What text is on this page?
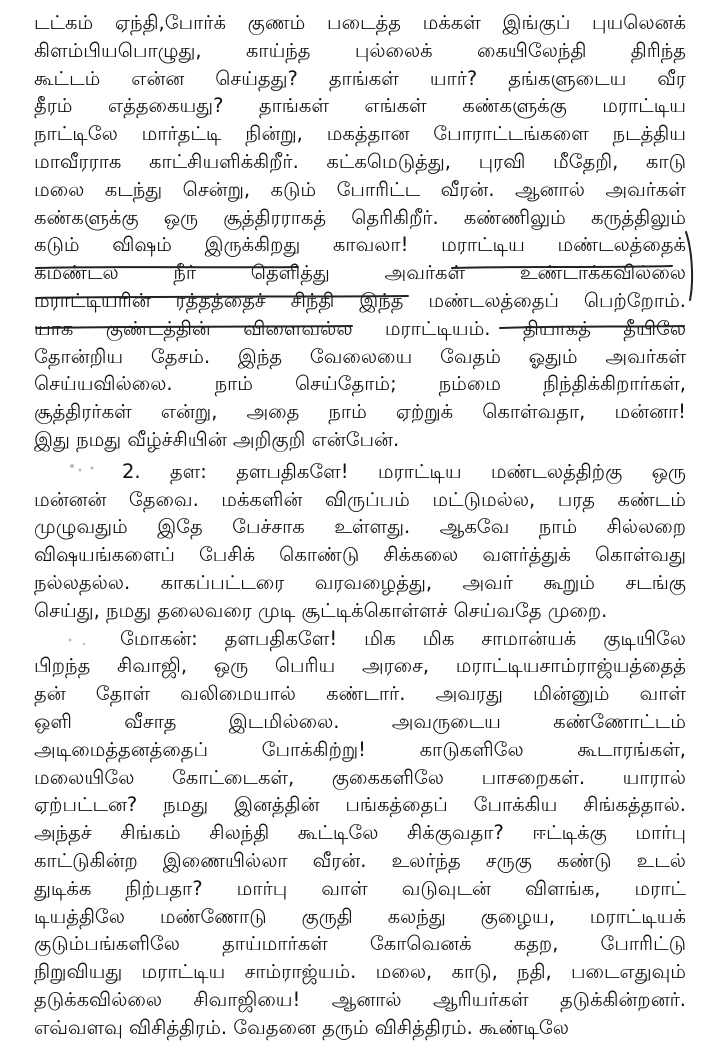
டட்கம் ஏந்தி,போர்க் குணம் படைத்த மக்கள் இங்குப் புயலெனக்
கிளம்பியபொழுது, காய்ந்த புல்லைக் கையிலேந்தி திரிந்த
கூட்டம் என்ன செய்தது? தாங்கள் யார்? தங்களுடைய வீர
தீரம் எத்தகையது? தாங்கள் எங்கள் கண்களுக்கு மராட்டிய
நாட்டிலே மார்தட்டி நின்று, மகத்தான போராட்டங்களை நடத்திய
மாவீரராக காட்சியளிக்கிறீர். கட்கமெடுத்து, புரவி மீதேறி, காடு
மலை கடந்து சென்று, கடும் போரிட்ட வீரன். ஆனால் அவர்கள்
கண்களுக்கு ஒரு சூத்திரராகத் தெரிகிறீர். கண்ணிலும் கருத்திலும்
கடும் விஷம் இருக்கிறது காவலா! மராட்டிய மண்டலத்தைக்
கமண்டல நீர் தெளித்து அவர்கள் உண்டாக்கவில்லை
மராட்டியரின் ரத்தத்தைச் சிந்தி இந்த மண்டலத்தைப் பெற்றோம்.
யாக குண்டத்தின் விளைவல்ல மராட்டியம். தியாகத் தீயிலே
தோன்றிய தேசம். இந்த வேலையை வேதம் ஓதும் அவர்கள்
செய்யவில்லை. நாம் செய்தோம்; நம்மை நிந்திக்கிறார்கள்,
சூத்திரர்கள் என்று, அதை நாம் ஏற்றுக் கொள்வதா, மன்னா!
இது நமது வீழ்ச்சியின் அறிகுறி என்பேன்.
2. தள: தளபதிகளே! மராட்டிய மண்டலத்திற்கு ஒரு
மன்னன் தேவை. மக்களின் விருப்பம் மட்டுமல்ல, பரத கண்டம்
முழுவதும் இதே பேச்சாக உள்ளது. ஆகவே நாம் சில்லறை
விஷயங்களைப் பேசிக் கொண்டு சிக்கலை வளர்த்துக் கொள்வது
நல்லதல்ல. காகப்பட்டரை வரவழைத்து, அவர் கூறும் சடங்கு
செய்து, நமது தலைவரை முடி சூட்டிக்கொள்ளச் செய்வதே முறை.
மோகன்: தளபதிகளே! மிக மிக சாமான்யக் குடியிலே
பிறந்த சிவாஜி, ஒரு பெரிய அரசை, மராட்டியசாம்ராஜ்யத்தைத்
தன் தோள் வலிமையால் கண்டார். அவரது மின்னும் வாள்
ஒளி வீசாத இடமில்லை. அவருடைய கண்ணோட்டம்
அடிமைத்தனத்தைப் போக்கிற்று! காடுகளிலே கூடாரங்கள்,
மலையிலே கோட்டைகள், குகைகளிலே பாசறைகள். யாரால்
ஏற்பட்டன? நமது இனத்தின் பங்கத்தைப் போக்கிய சிங்கத்தால்.
அந்தச் சிங்கம் சிலந்தி கூட்டிலே சிக்குவதா? ஈட்டிக்கு மார்பு
காட்டுகின்ற இணையில்லா வீரன். உலர்ந்த சருகு கண்டு உடல்
துடிக்க நிற்பதா? மார்பு வாள் வடுவுடன் விளங்க, மராட்
டியத்திலே மண்ணோடு குருதி கலந்து குழைய, மராட்டியக்
குடும்பங்களிலே தாய்மார்கள் கோவெனக் கதற, போரிட்டு
நிறுவியது மராட்டிய சாம்ராஜ்யம். மலை, காடு, நதி, படைஎதுவும்
தடுக்கவில்லை சிவாஜியை! ஆனால் ஆரியர்கள் தடுக்கின்றனர்.
எவ்வளவு விசித்திரம். வேதனை தரும் விசித்திரம். கூண்டிலே
